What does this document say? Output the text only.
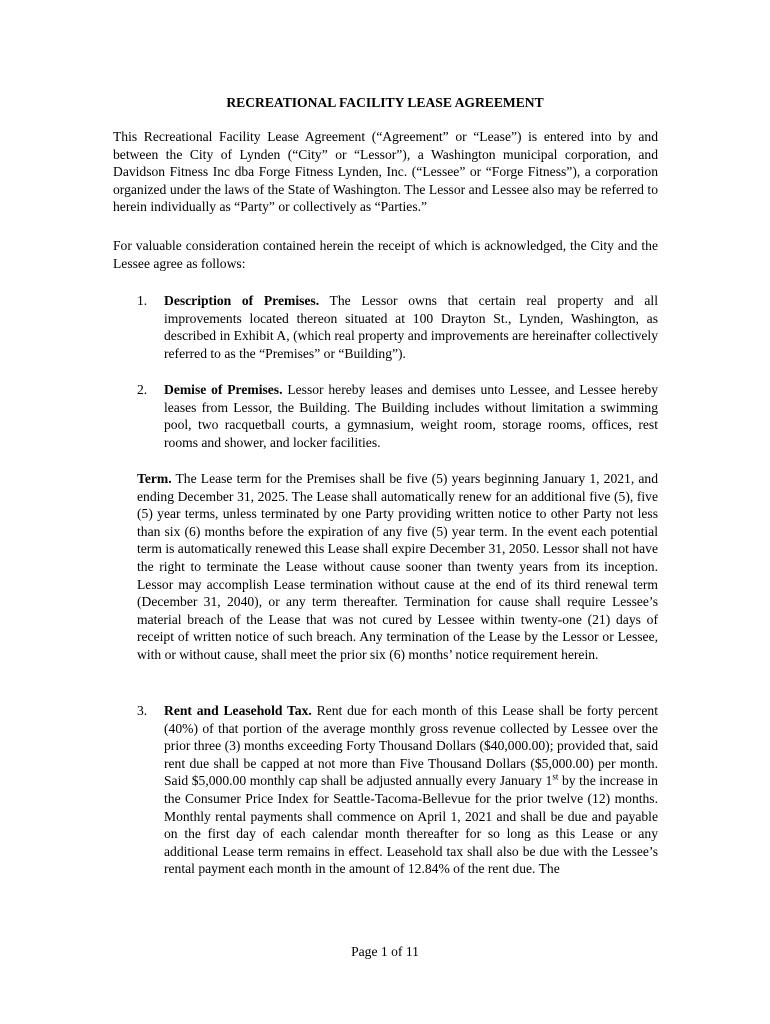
RECREATIONAL FACILITY LEASE AGREEMENT

This Recreational Facility Lease Agreement (“Agreement” or “Lease”) is entered into by and between the City of Lynden (“City” or “Lessor”), a Washington municipal corporation, and Davidson Fitness Inc dba Forge Fitness Lynden, Inc. (“Lessee” or “Forge Fitness”), a corporation organized under the laws of the State of Washington. The Lessor and Lessee also may be referred to herein individually as “Party” or collectively as “Parties.”

For valuable consideration contained herein the receipt of which is acknowledged, the City and the Lessee agree as follows:

1. Description of Premises. The Lessor owns that certain real property and all improvements located thereon situated at 100 Drayton St., Lynden, Washington, as described in Exhibit A, (which real property and improvements are hereinafter collectively referred to as the “Premises” or “Building”).
2. Demise of Premises. Lessor hereby leases and demises unto Lessee, and Lessee hereby leases from Lessor, the Building. The Building includes without limitation a swimming pool, two racquetball courts, a gymnasium, weight room, storage rooms, offices, rest rooms and shower, and locker facilities.

Term. The Lease term for the Premises shall be five (5) years beginning January 1, 2021, and ending December 31, 2025. The Lease shall automatically renew for an additional five (5), five (5) year terms, unless terminated by one Party providing written notice to other Party not less than six (6) months before the expiration of any five (5) year term. In the event each potential term is automatically renewed this Lease shall expire December 31, 2050. Lessor shall not have the right to terminate the Lease without cause sooner than twenty years from its inception. Lessor may accomplish Lease termination without cause at the end of its third renewal term (December 31, 2040), or any term thereafter. Termination for cause shall require Lessee’s material breach of the Lease that was not cured by Lessee within twenty-one (21) days of receipt of written notice of such breach. Any termination of the Lease by the Lessor or Lessee, with or without cause, shall meet the prior six (6) months’ notice requirement herein.

3. Rent and Leasehold Tax. Rent due for each month of this Lease shall be forty percent (40%) of that portion of the average monthly gross revenue collected by Lessee over the prior three (3) months exceeding Forty Thousand Dollars ($40,000.00); provided that, said rent due shall be capped at not more than Five Thousand Dollars ($5,000.00) per month. Said $5,000.00 monthly cap shall be adjusted annually every January 1st by the increase in the Consumer Price Index for Seattle-Tacoma-Bellevue for the prior twelve (12) months. Monthly rental payments shall commence on April 1, 2021 and shall be due and payable on the first day of each calendar month thereafter for so long as this Lease or any additional Lease term remains in effect. Leasehold tax shall also be due with the Lessee’s rental payment each month in the amount of 12.84% of the rent due. The
Page 1 of 11
